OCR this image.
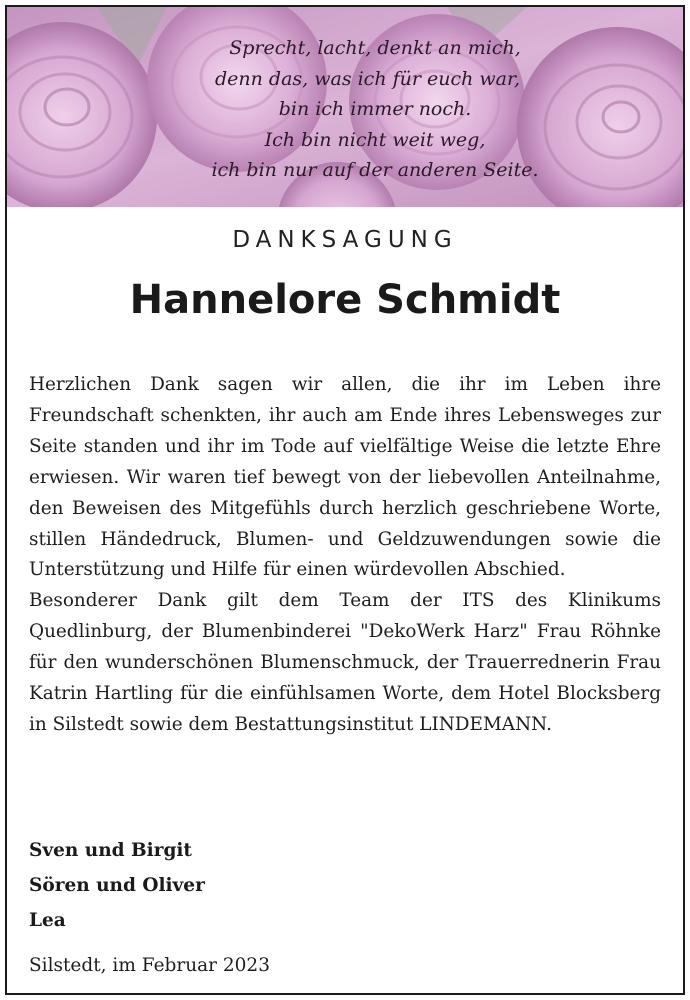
Sprecht, lacht, denkt an mich,
denn das, was ich für euch war,
bin ich immer noch.
Ich bin nicht weit weg,
ich bin nur auf der anderen Seite.
DANKSAGUNG
Hannelore Schmidt

Herzlichen Dank sagen wir allen, die ihr im Leben ihre Freundschaft schenkten, ihr auch am Ende ihres Lebensweges zur Seite standen und ihr im Tode auf vielfältige Weise die letzte Ehre erwiesen. Wir waren tief bewegt von der liebevollen Anteilnahme, den Beweisen des Mitgefühls durch herzlich geschriebene Worte, stillen Händedruck, Blumen- und Geldzuwendungen sowie die Unterstützung und Hilfe für einen würdevollen Abschied.

Besonderer Dank gilt dem Team der ITS des Klinikums Quedlinburg, der Blumenbinderei "DekoWerk Harz" Frau Röhnke für den wunderschönen Blumenschmuck, der Trauerrednerin Frau Katrin Hartling für die einfühlsamen Worte, dem Hotel Blocksberg in Silstedt sowie dem Bestattungsinstitut LINDEMANN.

Sven und Birgit
Sören und Oliver
Lea
Silstedt, im Februar 2023
